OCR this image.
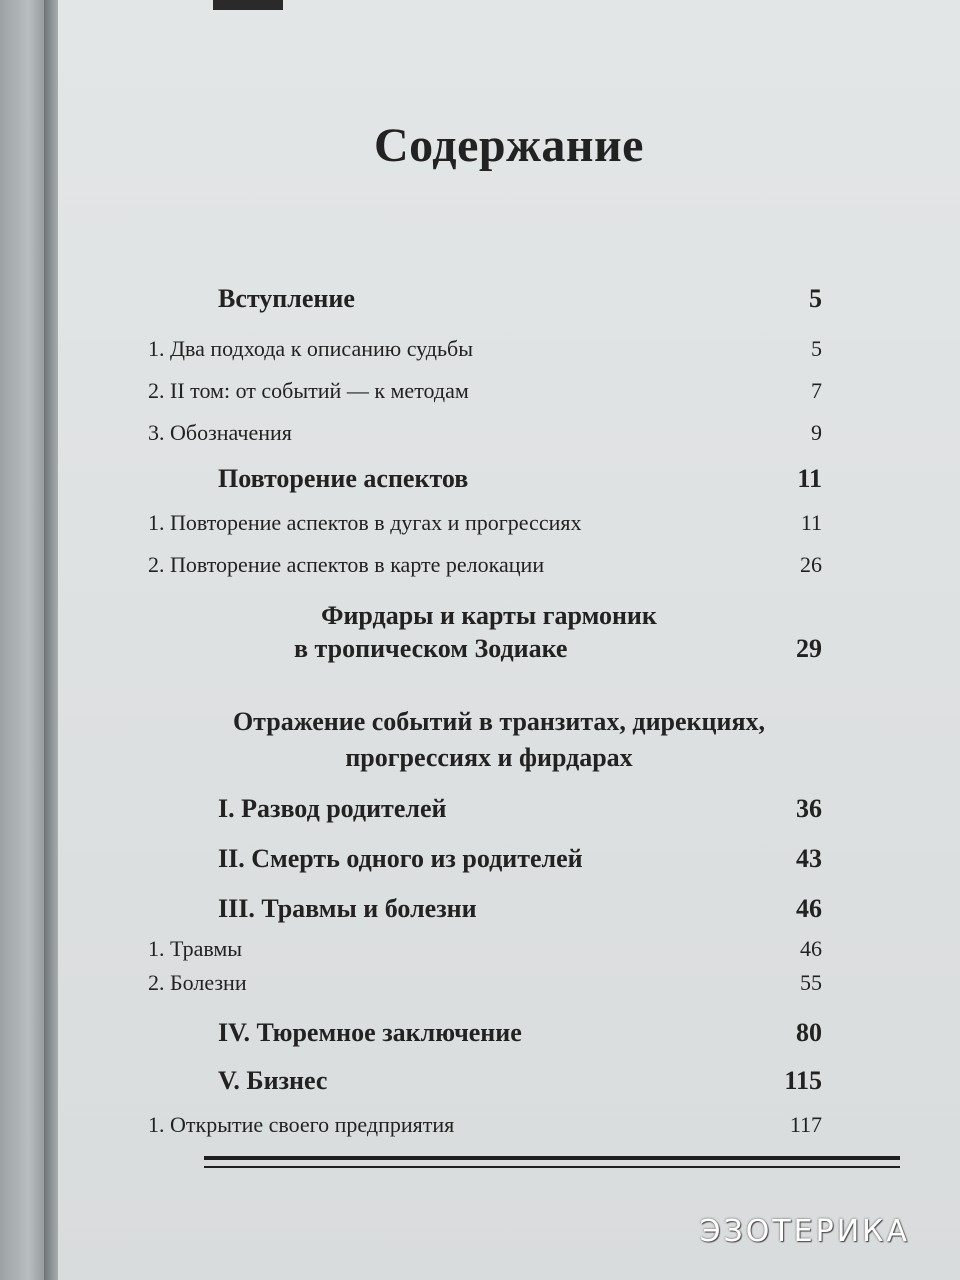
Содержание
Вступление	5
1. Два подхода к описанию судьбы	5
2. II том: от событий — к методам	7
3. Обозначения	9
Повторение аспектов	11
1. Повторение аспектов в дугах и прогрессиях	11
2. Повторение аспектов в карте релокации	26
Фирдары и карты гармоник
в тропическом Зодиаке	29
Отражение событий в транзитах, дирекциях,
прогрессиях и фирдарах
I. Развод родителей	36
II. Смерть одного из родителей	43
III. Травмы и болезни	46
1. Травмы	46
2. Болезни	55
IV. Тюремное заключение	80
V. Бизнес	115
1. Открытие своего предприятия	117
ЭЗОТЕРИКА
